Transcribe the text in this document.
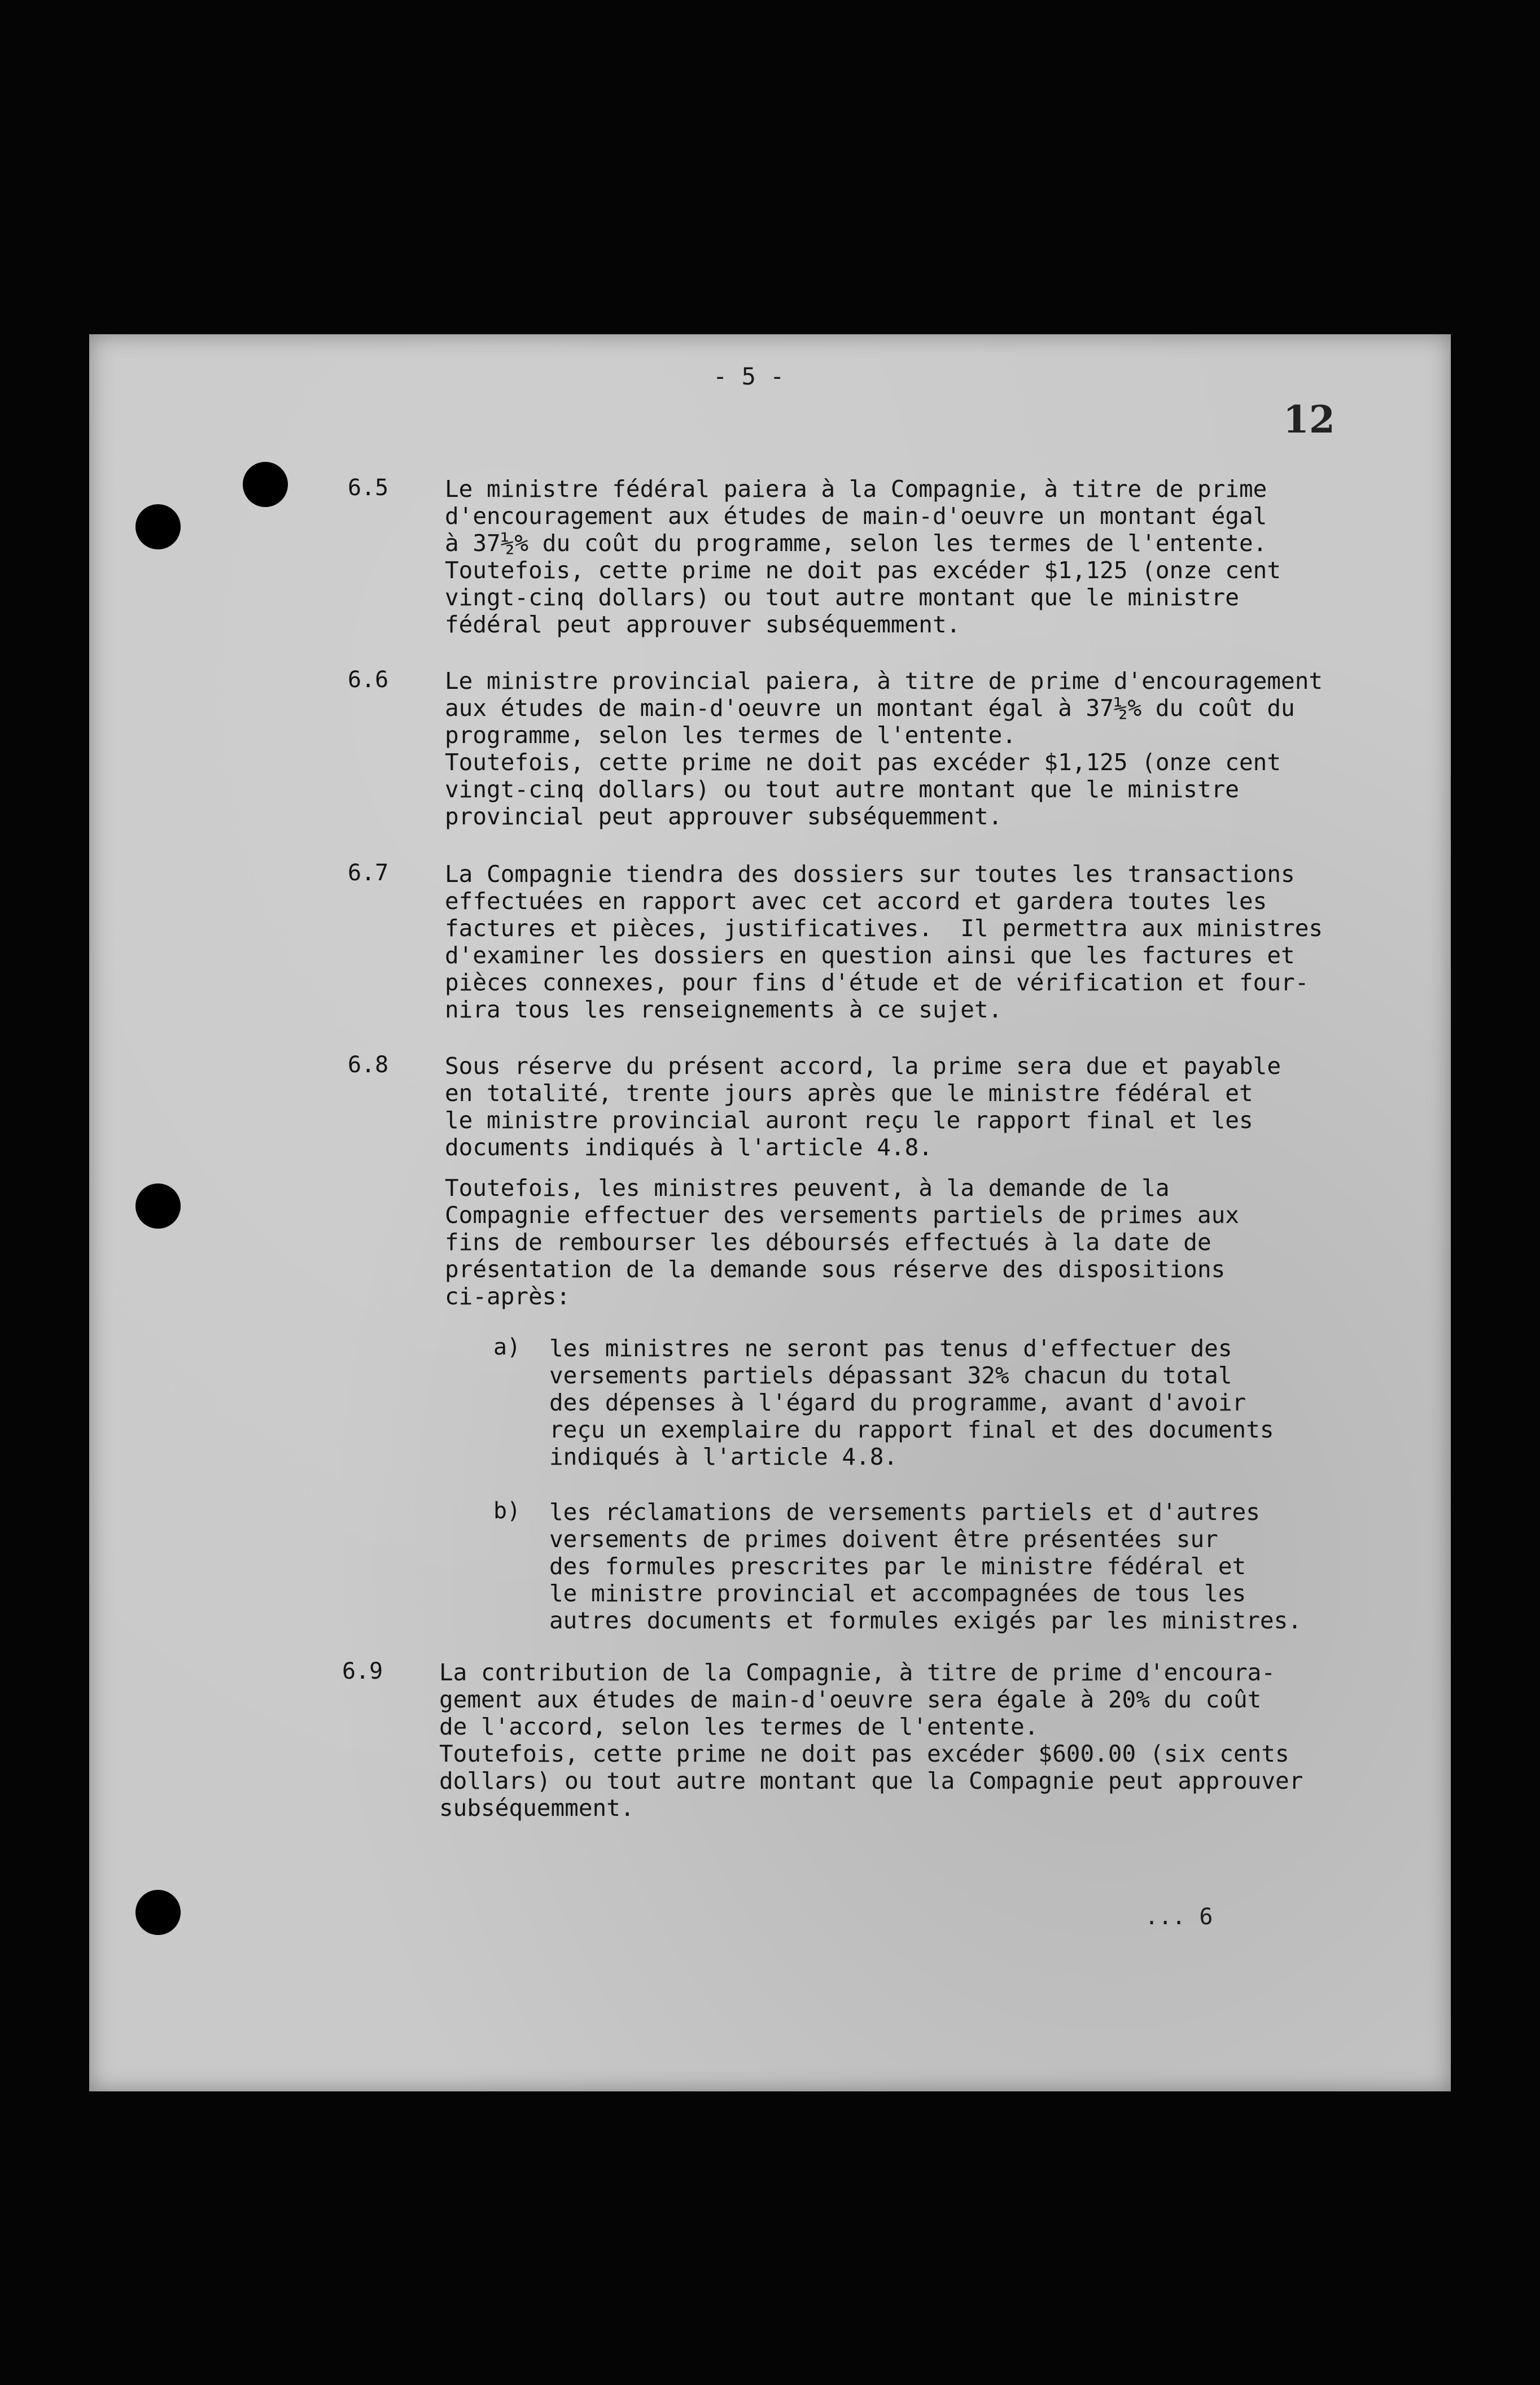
- 5 -
12
6.5 Le ministre fédéral paiera à la Compagnie, à titre de prime
d'encouragement aux études de main-d'oeuvre un montant égal
à 37½% du coût du programme, selon les termes de l'entente.
Toutefois, cette prime ne doit pas excéder $1,125 (onze cent
vingt-cinq dollars) ou tout autre montant que le ministre
fédéral peut approuver subséquemment.
6.6 Le ministre provincial paiera, à titre de prime d'encouragement
aux études de main-d'oeuvre un montant égal à 37½% du coût du
programme, selon les termes de l'entente.
Toutefois, cette prime ne doit pas excéder $1,125 (onze cent
vingt-cinq dollars) ou tout autre montant que le ministre
provincial peut approuver subséquemment.
6.7 La Compagnie tiendra des dossiers sur toutes les transactions
effectuées en rapport avec cet accord et gardera toutes les
factures et pièces, justificatives.  Il permettra aux ministres
d'examiner les dossiers en question ainsi que les factures et
pièces connexes, pour fins d'étude et de vérification et four-
nira tous les renseignements à ce sujet.
6.8 Sous réserve du présent accord, la prime sera due et payable
en totalité, trente jours après que le ministre fédéral et
le ministre provincial auront reçu le rapport final et les
documents indiqués à l'article 4.8.
Toutefois, les ministres peuvent, à la demande de la
Compagnie effectuer des versements partiels de primes aux
fins de rembourser les déboursés effectués à la date de
présentation de la demande sous réserve des dispositions
ci-après:
a) les ministres ne seront pas tenus d'effectuer des
versements partiels dépassant 32% chacun du total
des dépenses à l'égard du programme, avant d'avoir
reçu un exemplaire du rapport final et des documents
indiqués à l'article 4.8.
b) les réclamations de versements partiels et d'autres
versements de primes doivent être présentées sur
des formules prescrites par le ministre fédéral et
le ministre provincial et accompagnées de tous les
autres documents et formules exigés par les ministres.
6.9 La contribution de la Compagnie, à titre de prime d'encoura-
gement aux études de main-d'oeuvre sera égale à 20% du coût
de l'accord, selon les termes de l'entente.
Toutefois, cette prime ne doit pas excéder $600.00 (six cents
dollars) ou tout autre montant que la Compagnie peut approuver
subséquemment.
... 6
